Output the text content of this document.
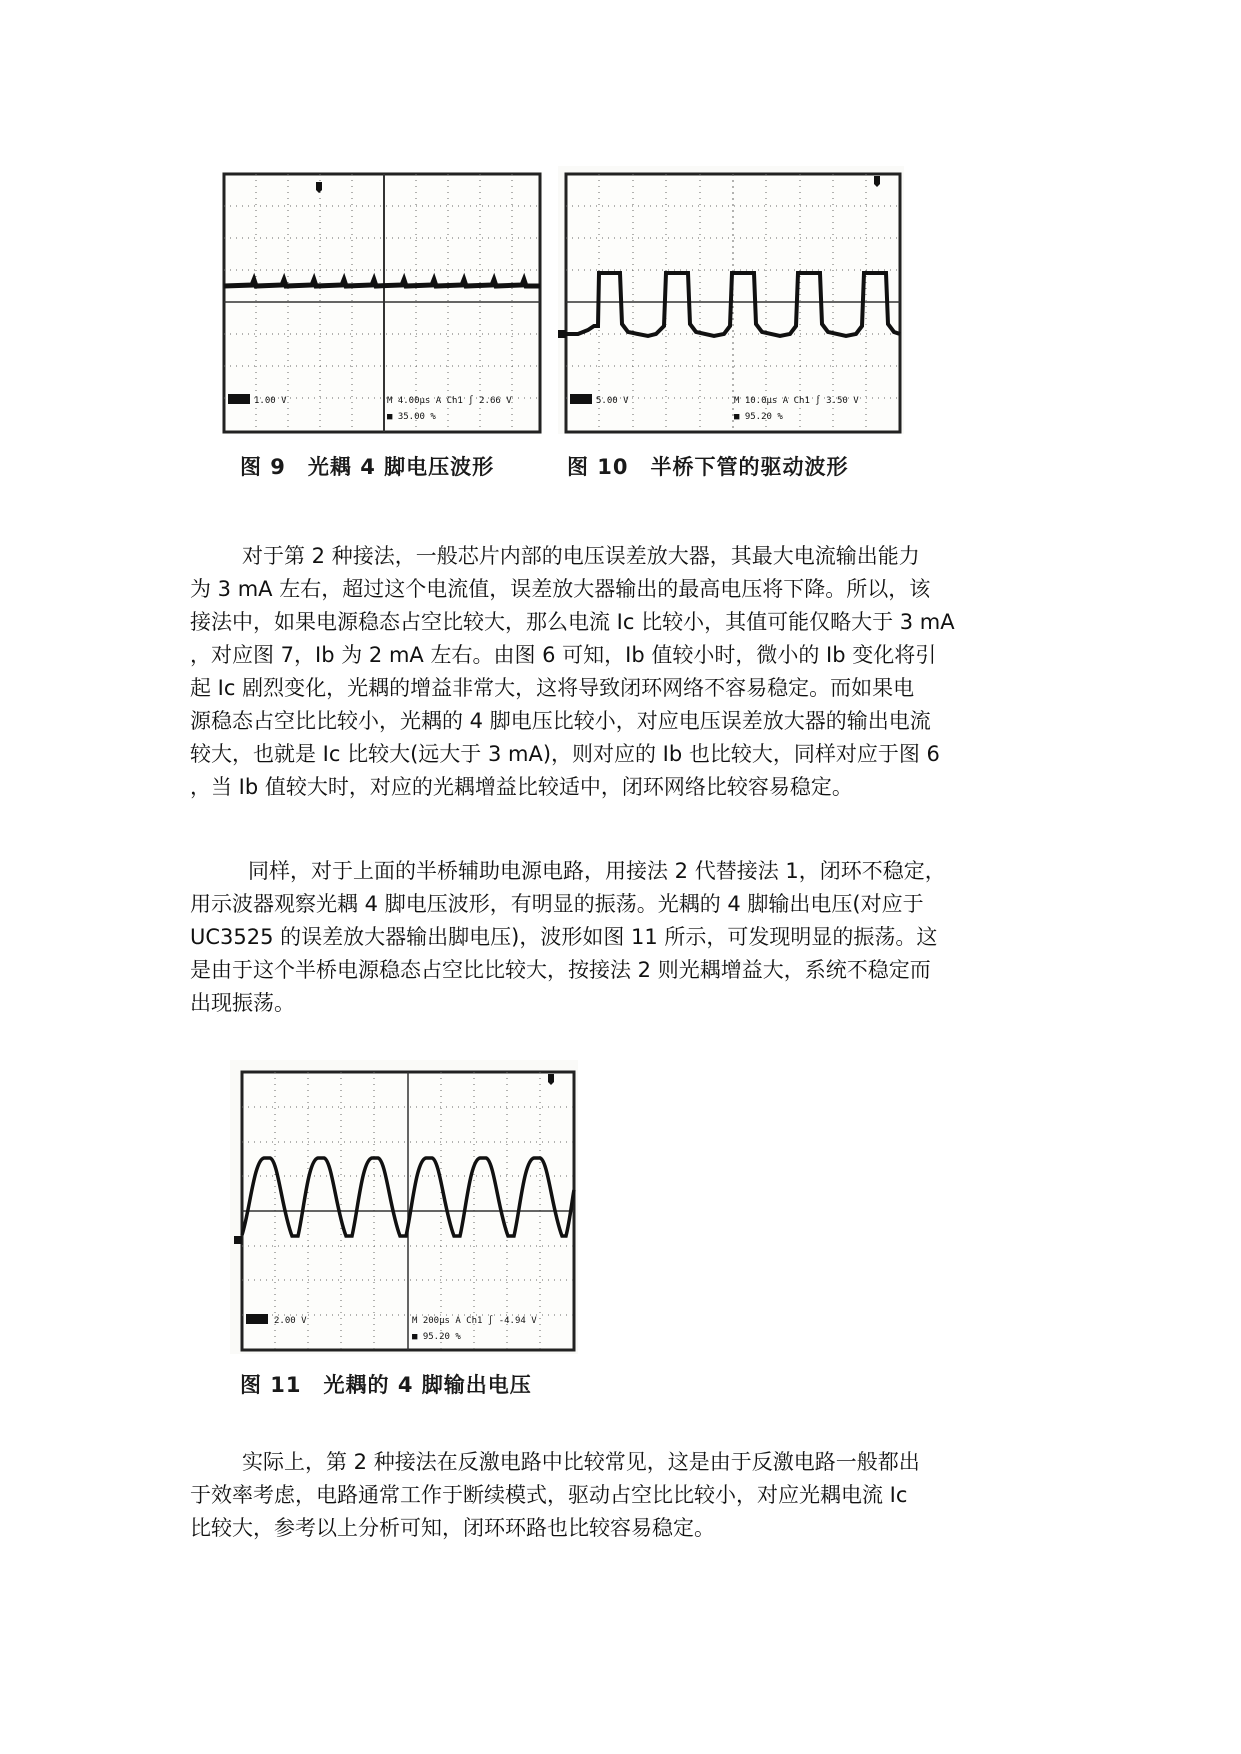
1.00 V	M 4.00μs A Ch1 ∫ 2.66 V
■ 35.00 %
5.00 V	M 10.0μs A Ch1 ∫ 3.50 V
■ 95.20 %
图 9　光耦 4 脚电压波形	图 10　半桥下管的驱动波形
对于第 2 种接法，一般芯片内部的电压误差放大器，其最大电流输出能力
为 3 mA 左右，超过这个电流值，误差放大器输出的最高电压将下降。所以，该
接法中，如果电源稳态占空比较大，那么电流 Ic 比较小，其值可能仅略大于 3 mA
，对应图 7，Ib 为 2 mA 左右。由图 6 可知，Ib 值较小时，微小的 Ib 变化将引
起 Ic 剧烈变化，光耦的增益非常大，这将导致闭环网络不容易稳定。而如果电
源稳态占空比比较小，光耦的 4 脚电压比较小，对应电压误差放大器的输出电流
较大，也就是 Ic 比较大(远大于 3 mA)，则对应的 Ib 也比较大，同样对应于图 6
，当 Ib 值较大时，对应的光耦增益比较适中，闭环网络比较容易稳定。
同样，对于上面的半桥辅助电源电路，用接法 2 代替接法 1，闭环不稳定，
用示波器观察光耦 4 脚电压波形，有明显的振荡。光耦的 4 脚输出电压(对应于
UC3525 的误差放大器输出脚电压)，波形如图 11 所示，可发现明显的振荡。这
是由于这个半桥电源稳态占空比比较大，按接法 2 则光耦增益大，系统不稳定而
出现振荡。
2.00 V	M 200μs A Ch1 ∫ -4.94 V
■ 95.20 %
图 11　光耦的 4 脚输出电压
实际上，第 2 种接法在反激电路中比较常见，这是由于反激电路一般都出
于效率考虑，电路通常工作于断续模式，驱动占空比比较小，对应光耦电流 Ic
比较大，参考以上分析可知，闭环环路也比较容易稳定。
